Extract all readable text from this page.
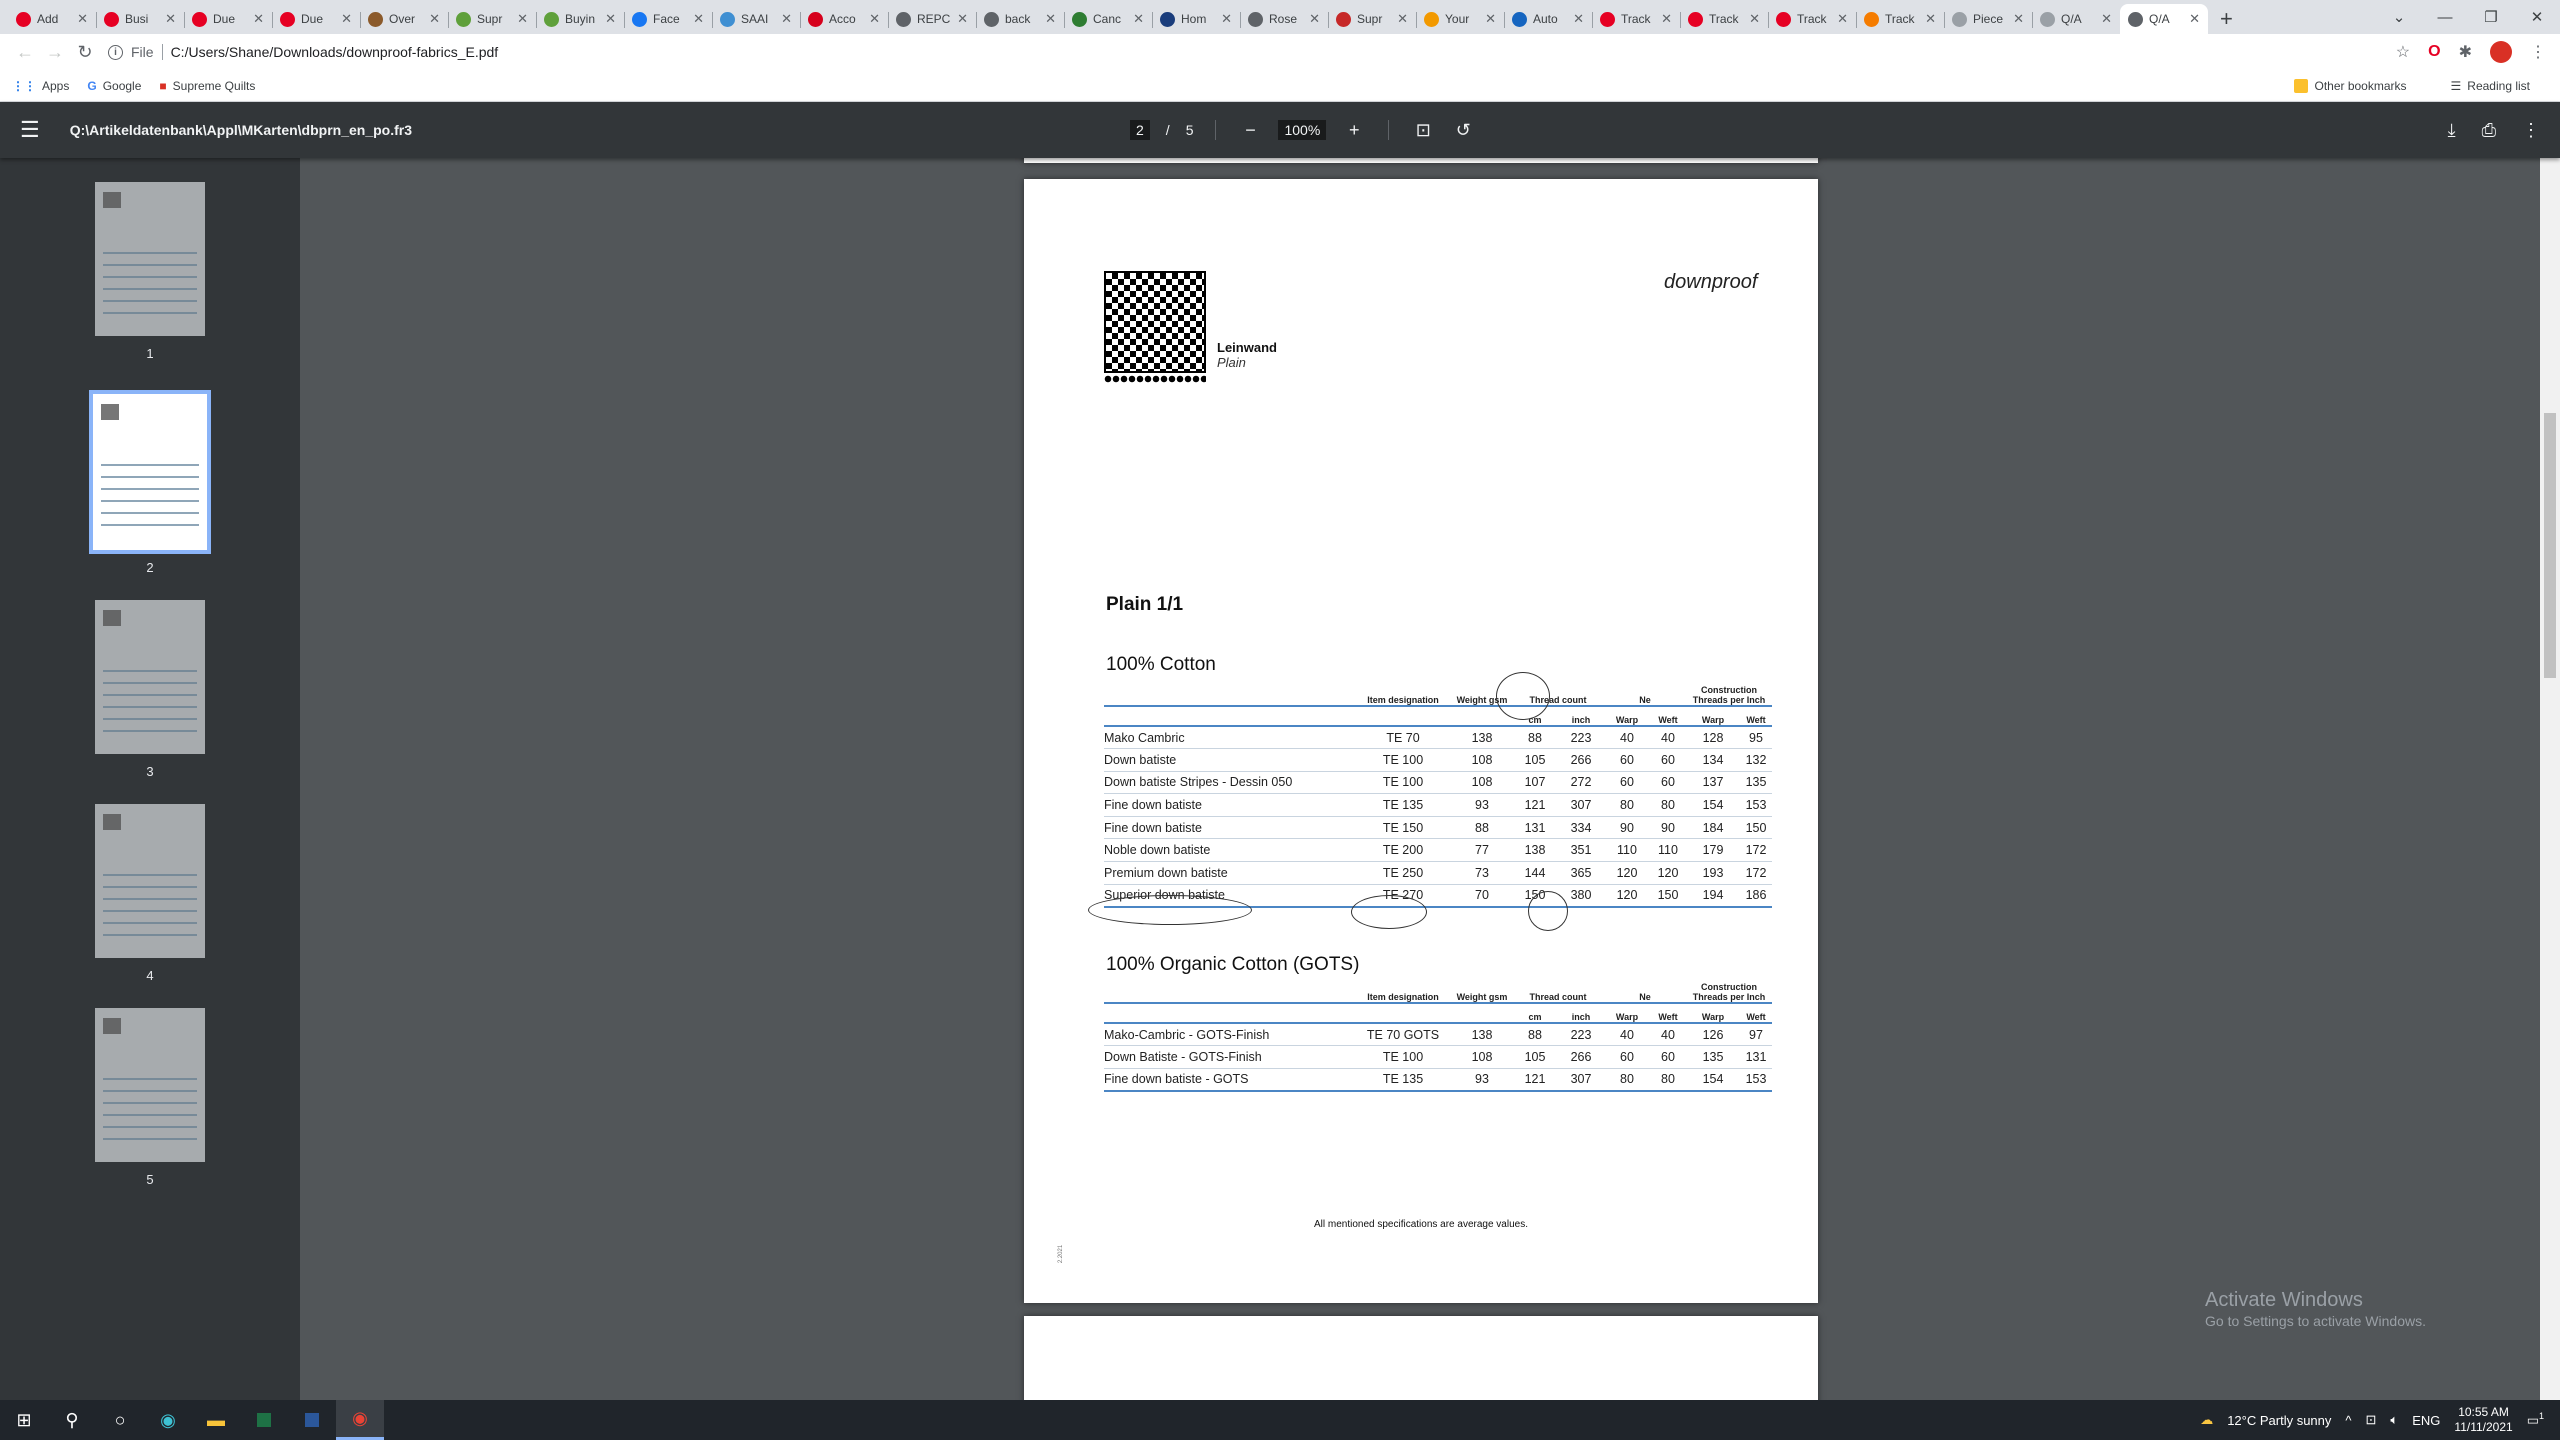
Add	✕	Busi	✕	Due	✕	Due	✕	Over	✕	Supr	✕	Buyin ✕	Face	✕	SAAI ✕	Acco	✕	REPC ✕	back	✕	Canc ✕	Hom	✕	Rose ✕	Supr	✕	Your	✕	Auto	✕	Track ✕	Track ✕	Track ✕	Track ✕	Piece ✕	Q/A	✕	Q/A	✕ +	⌄	—	❐	✕
← → ↻	i	File C:/Users/Shane/Downloads/downproof-fabrics_E.pdf	☆ O ✱	⋮
⋮⋮ Apps G Google ■ Supreme Quilts	Other bookmarks	☰ Reading list
☰ Q:\Artikeldatenbank\Appl\MKarten\dbprn_en_po.fr3	2	/ 5	−	100%	+	⊡ ↺	⤓ ⎙ ⋮
1
2
3
4
5
Leinwand
Plain
downproof
Plain 1/1
100% Cotton
	Item designation	Weight gsm	Thread count		Ne		Construction Threads per Inch	
			cm	inch	Warp	Weft	Warp	Weft
Mako Cambric	TE 70	138	88	223	40	40	128	95
Down batiste	TE 100	108	105	266	60	60	134	132
Down batiste Stripes - Dessin 050	TE 100	108	107	272	60	60	137	135
Fine down batiste	TE 135	93	121	307	80	80	154	153
Fine down batiste	TE 150	88	131	334	90	90	184	150
Noble down batiste	TE 200	77	138	351	110	110	179	172
Premium down batiste	TE 250	73	144	365	120	120	193	172
Superior down batiste	TE 270	70	150	380	120	150	194	186
100% Organic Cotton (GOTS)
	Item designation	Weight gsm	Thread count		Ne		Construction Threads per Inch	
			cm	inch	Warp	Weft	Warp	Weft
Mako-Cambric - GOTS-Finish	TE 70 GOTS	138	88	223	40	40	126	97
Down Batiste - GOTS-Finish	TE 100	108	105	266	60	60	135	131
Fine down batiste - GOTS	TE 135	93	121	307	80	80	154	153
All mentioned specifications are average values.
2.2021
Activate Windows
Go to Settings to activate Windows.
⊞	⚲	○	◉	▬	◉	☁ 12°C Partly sunny ^ ⊡ 🔈︎ ENG
10:55 AM
11/11/2021 ▭$^1$
